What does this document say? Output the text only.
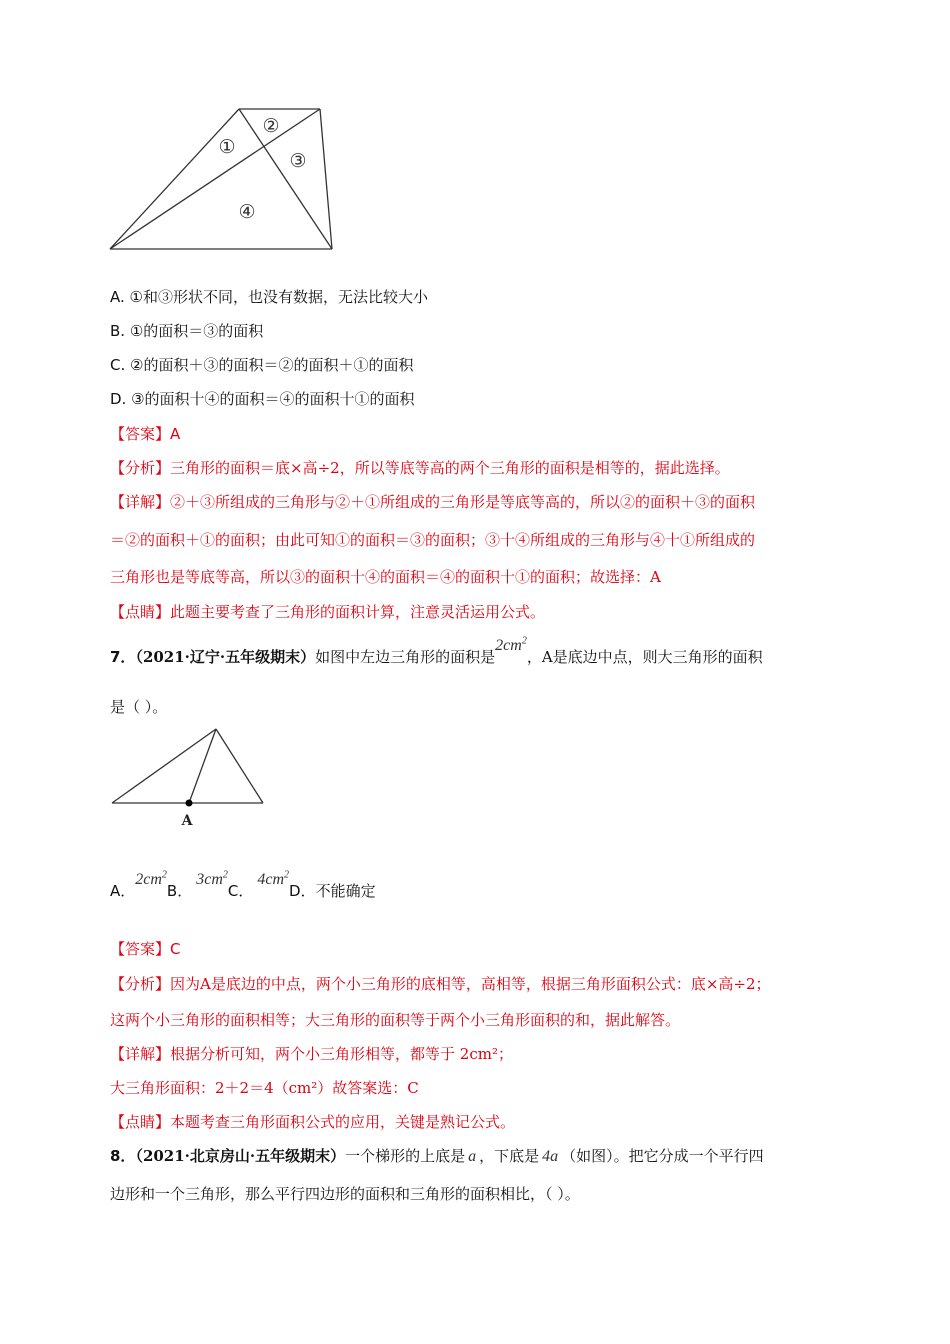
①
②
③
④
A. ①和③形状不同，也没有数据，无法比较大小
B. ①的面积＝③的面积
C. ②的面积＋③的面积＝②的面积＋①的面积
D. ③的面积十④的面积＝④的面积十①的面积
【答案】A
【分析】三角形的面积＝底×高÷2，所以等底等高的两个三角形的面积是相等的，据此选择。
【详解】②＋③所组成的三角形与②＋①所组成的三角形是等底等高的，所以②的面积＋③的面积
＝②的面积＋①的面积；由此可知①的面积＝③的面积；③十④所组成的三角形与④十①所组成的
三角形也是等底等高，所以③的面积十④的面积＝④的面积十①的面积；故选择：A
【点睛】此题主要考查了三角形的面积计算，注意灵活运用公式。
7．（2021·辽宁·五年级期末）如图中左边三角形的面积是$2cm^2$，A是底边中点，则大三角形的面积
是（ ）。
A
A．$2cm^2B$．$3cm^2C$．$4cm^2D$．不能确定
【答案】C
【分析】因为A是底边的中点，两个小三角形的底相等，高相等，根据三角形面积公式：底×高÷2；
这两个小三角形的面积相等；大三角形的面积等于两个小三角形面积的和，据此解答。
【详解】根据分析可知，两个小三角形相等，都等于 2cm²；
大三角形面积：2＋2＝4（cm²）故答案选：C
【点睛】本题考查三角形面积公式的应用，关键是熟记公式。
8．（2021·北京房山·五年级期末）一个梯形的上底是 a ，下底是 4a （如图）。把它分成一个平行四
边形和一个三角形，那么平行四边形的面积和三角形的面积相比，（ ）。
